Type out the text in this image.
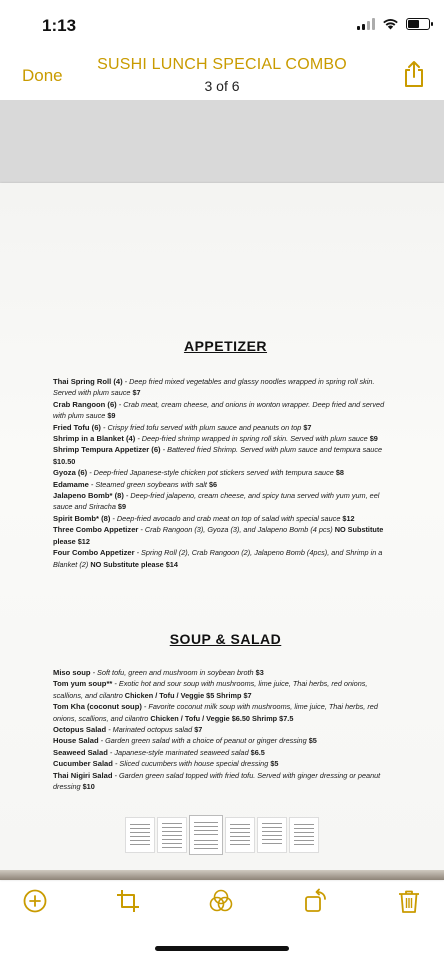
1:13
Done
SUSHI LUNCH SPECIAL COMBO
3 of 6
APPETIZER
Thai Spring Roll (4) - Deep fried mixed vegetables and glassy noodles wrapped in spring roll skin. Served with plum sauce $7
Crab Rangoon (6) - Crab meat, cream cheese, and onions in wonton wrapper. Deep fried and served with plum sauce $9
Fried Tofu (6) - Crispy fried tofu served with plum sauce and peanuts on top $7
Shrimp in a Blanket (4) - Deep-fried shrimp wrapped in spring roll skin. Served with plum sauce $9
Shrimp Tempura Appetizer (6) - Battered fried Shrimp. Served with plum sauce and tempura sauce $10.50
Gyoza (6) - Deep-fried Japanese-style chicken pot stickers served with tempura sauce $8
Edamame - Steamed green soybeans with salt $6
Jalapeno Bomb* (8) - Deep-fried jalapeno, cream cheese, and spicy tuna served with yum yum, eel sauce and Sriracha $9
Spirit Bomb* (8) - Deep-fried avocado and crab meat on top of salad with special sauce $12
Three Combo Appetizer - Crab Rangoon (3), Gyoza (3), and Jalapeno Bomb (4 pcs) NO Substitute please $12
Four Combo Appetizer - Spring Roll (2), Crab Rangoon (2), Jalapeno Bomb (4pcs), and Shrimp in a Blanket (2) NO Substitute please $14
SOUP & SALAD
Miso soup - Soft tofu, green and mushroom in soybean broth $3
Tom yum soup** - Exotic hot and sour soup with mushrooms, lime juice, Thai herbs, red onions, scallions, and cilantro Chicken / Tofu / Veggie $5 Shrimp $7
Tom Kha (coconut soup) - Favorite coconut milk soup with mushrooms, lime juice, Thai herbs, red onions, scallions, and cilantro Chicken / Tofu / Veggie $6.50 Shrimp $7.5
Octopus Salad - Marinated octopus salad $7
House Salad - Garden green salad with a choice of peanut or ginger dressing $5
Seaweed Salad - Japanese-style marinated seaweed salad $6.5
Cucumber Salad - Sliced cucumbers with house special dressing $5
Thai Nigiri Salad - Garden green salad topped with fried tofu. Served with ginger dressing or peanut dressing $10
